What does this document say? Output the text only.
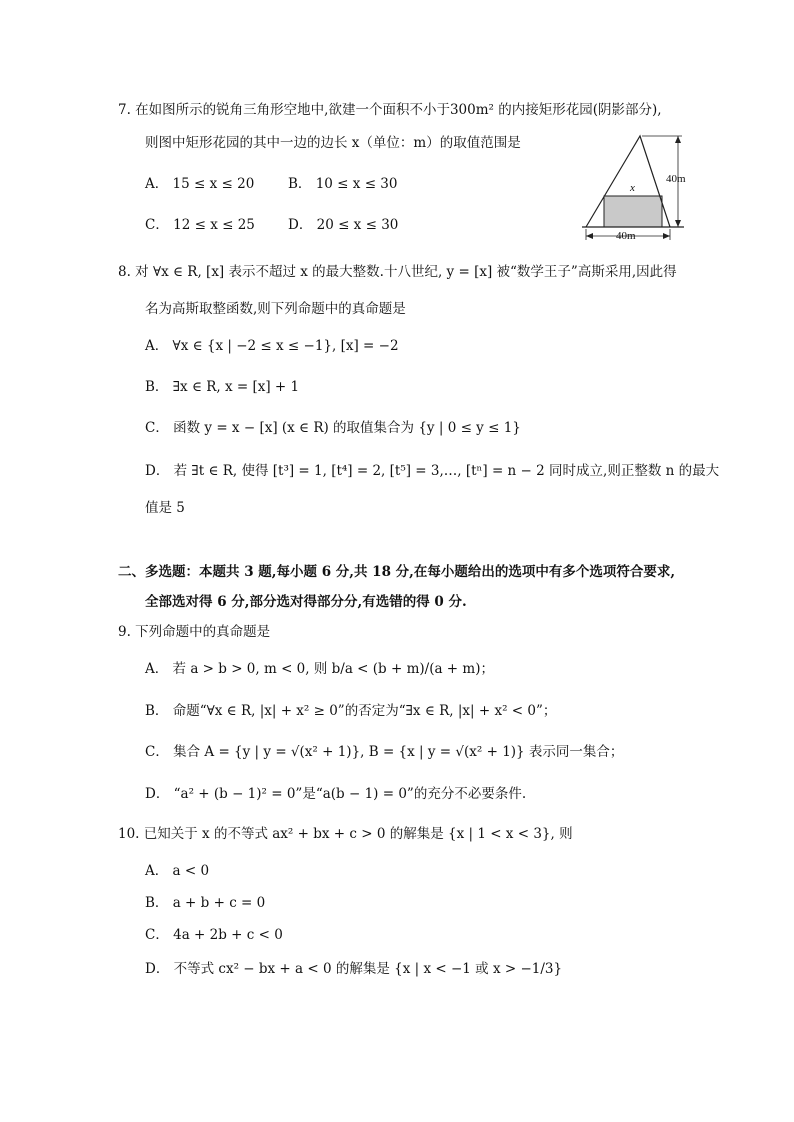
7. 在如图所示的锐角三角形空地中,欲建一个面积不小于300m² 的内接矩形花园(阴影部分),
则图中矩形花园的其中一边的边长 x（单位：m）的取值范围是
A． 15 ≤ x ≤ 20 B． 10 ≤ x ≤ 30
C． 12 ≤ x ≤ 25 D． 20 ≤ x ≤ 30
40m
40m
x
8. 对 ∀x ∈ R, [x] 表示不超过 x 的最大整数.十八世纪, y = [x] 被“数学王子”高斯采用,因此得
名为高斯取整函数,则下列命题中的真命题是
A． ∀x ∈ {x | −2 ≤ x ≤ −1}, [x] = −2
B． ∃x ∈ R, x = [x] + 1
C． 函数 y = x − [x] (x ∈ R) 的取值集合为 {y | 0 ≤ y ≤ 1}
D． 若 ∃t ∈ R, 使得 [t³] = 1, [t⁴] = 2, [t⁵] = 3,…, [tⁿ] = n − 2 同时成立,则正整数 n 的最大
值是 5
二、多选题：本题共 3 题,每小题 6 分,共 18 分,在每小题给出的选项中有多个选项符合要求,
全部选对得 6 分,部分选对得部分分,有选错的得 0 分.
9. 下列命题中的真命题是
A． 若 a > b > 0, m < 0, 则 b/a < (b + m)/(a + m)；
B． 命题“∀x ∈ R, |x| + x² ≥ 0”的否定为“∃x ∈ R, |x| + x² < 0”；
C． 集合 A = {y | y = √(x² + 1)}, B = {x | y = √(x² + 1)} 表示同一集合；
D． “a² + (b − 1)² = 0”是“a(b − 1) = 0”的充分不必要条件.
10. 已知关于 x 的不等式 ax² + bx + c > 0 的解集是 {x | 1 < x < 3}, 则
A． a < 0
B． a + b + c = 0
C． 4a + 2b + c < 0
D． 不等式 cx² − bx + a < 0 的解集是 {x | x < −1 或 x > −1/3}
